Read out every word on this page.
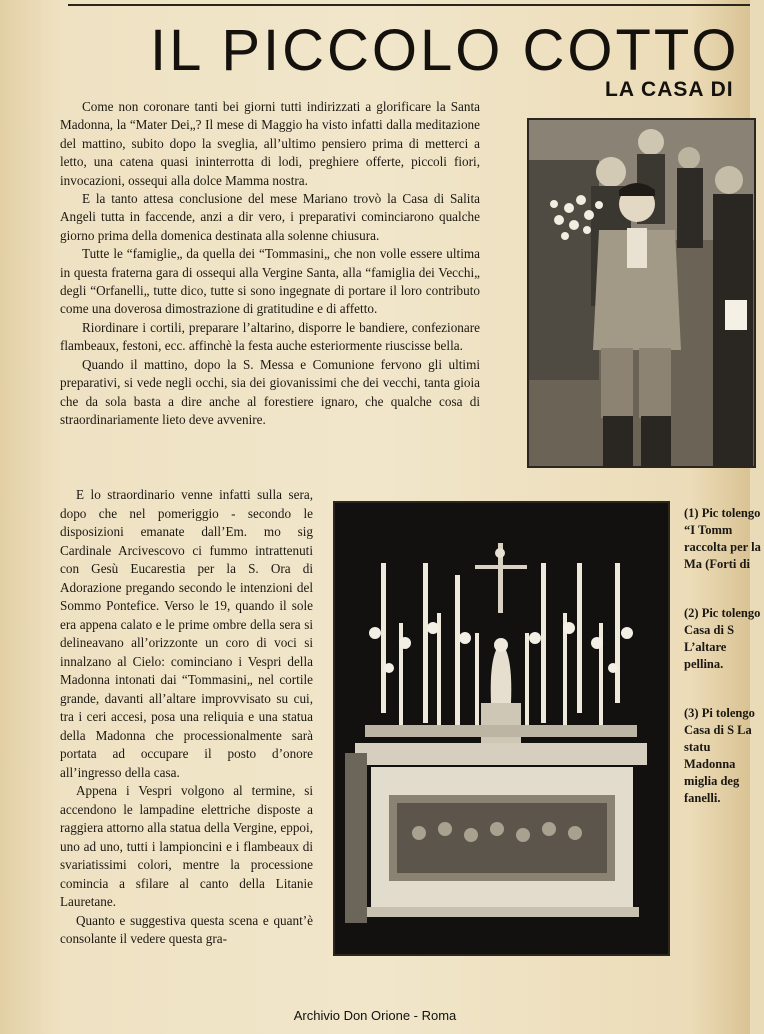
IL PICCOLO COTTO
LA CASA DI

Come non coronare tanti bei giorni tutti indirizzati a glorificare la Santa Madonna, la “Mater Dei„? Il mese di Maggio ha visto infatti dalla meditazione del mattino, subito dopo la sveglia, all’ultimo pensiero prima di metterci a letto, una catena quasi ininterrotta di lodi, preghiere offerte, piccoli fiori, invocazioni, ossequi alla dolce Mamma nostra.

E la tanto attesa conclusione del mese Mariano trovò la Casa di Salita Angeli tutta in faccende, anzi a dir vero, i preparativi cominciarono qualche giorno prima della domenica destinata alla solenne chiusura.

Tutte le “famiglie„ da quella dei “Tommasini„ che non volle essere ultima in questa fraterna gara di ossequi alla Vergine Santa, alla “famiglia dei Vecchi„ degli “Orfanelli„ tutte dico, tutte si sono ingegnate di portare il loro contributo come una doverosa dimostrazione di gratitudine e di affetto.

Riordinare i cortili, preparare l’altarino, disporre le bandiere, confezionare flambeaux, festoni, ecc. affinchè la festa auche esteriormente riuscisse bella.

Quando il mattino, dopo la S. Messa e Comunione fervono gli ultimi preparativi, si vede negli occhi, sia dei giovanissimi che dei vecchi, tanta gioia che da sola basta a dire anche al forestiere ignaro, che qualche cosa di straordinariamente lieto deve avvenire.

E lo straordinario venne infatti sulla sera, dopo che nel pomeriggio - secondo le disposizioni emanate dall’Em. mo sig Cardinale Arcivescovo ci fummo intrattenuti con Gesù Eucarestia per la S. Ora di Adorazione pregando secondo le intenzioni del Sommo Pontefice. Verso le 19, quando il sole era appena calato e le prime ombre della sera si delineavano all’orizzonte un coro di voci si innalzano al Cielo: cominciano i Vespri della Madonna intonati dai “Tommasini„ nel cortile grande, davanti all’altare improvvisato su cui, tra i ceri accesi, posa una reliquia e una statua della Madonna che processionalmente sarà portata ad occupare il posto d’onore all’ingresso della casa.

Appena i Vespri volgono al termine, si accendono le lampadine elettriche disposte a raggiera attorno alla statua della Vergine, eppoi, uno ad uno, tutti i lampioncini e i flambeaux di svariatissimi colori, mentre la processione comincia a sfilare al canto della Litanie Lauretane.

Quanto e suggestiva questa scena e quant’è consolante il vedere questa gra-

(1) Pic tolengo “I Tomm raccolta per la Ma (Forti di

(2) Pic tolengo Casa di S L’altare pellina.

(3) Pi tolengo Casa di S La statu Madonna miglia deg fanelli.

Archivio Don Orione - Roma
